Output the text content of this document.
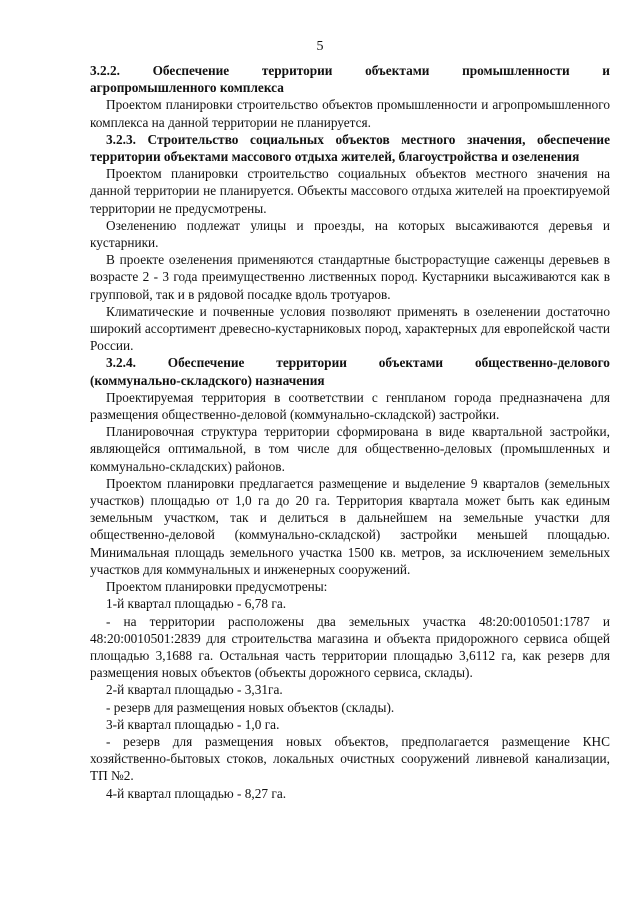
5
3.2.2. Обеспечение территории объектами промышленности и

агропромышленного комплекса

Проектом планировки строительство объектов промышленности и агропромышленного комплекса на данной территории не планируется.

3.2.3. Строительство социальных объектов местного значения, обеспечение территории объектами массового отдыха жителей, благоустройства и озеленения

Проектом планировки строительство социальных объектов местного значения на данной территории не планируется. Объекты массового отдыха жителей на проектируемой территории не предусмотрены.

Озеленению подлежат улицы и проезды, на которых высаживаются деревья и кустарники.

В проекте озеленения применяются стандартные быстрорастущие саженцы деревьев в возрасте 2 - 3 года преимущественно лиственных пород. Кустарники высаживаются как в групповой, так и в рядовой посадке вдоль тротуаров.

Климатические и почвенные условия позволяют применять в озеленении достаточно широкий ассортимент древесно-кустарниковых пород, характерных для европейской части России.

3.2.4. Обеспечение территории объектами общественно-делового

(коммунально-складского) назначения

Проектируемая территория в соответствии с генпланом города предназначена для размещения общественно-деловой (коммунально-складской) застройки.

Планировочная структура территории сформирована в виде квартальной застройки, являющейся оптимальной, в том числе для общественно-деловых (промышленных и коммунально-складских) районов.

Проектом планировки предлагается размещение и выделение 9 кварталов (земельных участков) площадью от 1,0 га до 20 га. Территория квартала может быть как единым земельным участком, так и делиться в дальнейшем на земельные участки для общественно-деловой (коммунально-складской) застройки меньшей площадью. Минимальная площадь земельного участка 1500 кв. метров, за исключением земельных участков для коммунальных и инженерных сооружений.

Проектом планировки предусмотрены:

1-й квартал площадью - 6,78 га.

- на территории расположены два земельных участка 48:20:0010501:1787 и 48:20:0010501:2839 для строительства магазина и объекта придорожного сервиса общей площадью 3,1688 га. Остальная часть территории площадью 3,6112 га, как резерв для размещения новых объектов (объекты дорожного сервиса, склады).

2-й квартал площадью - 3,31га.

- резерв для размещения новых объектов (склады).

3-й квартал площадью - 1,0 га.

- резерв для размещения новых объектов, предполагается размещение КНС хозяйственно-бытовых стоков, локальных очистных сооружений ливневой канализации, ТП №2.

4-й квартал площадью - 8,27 га.
